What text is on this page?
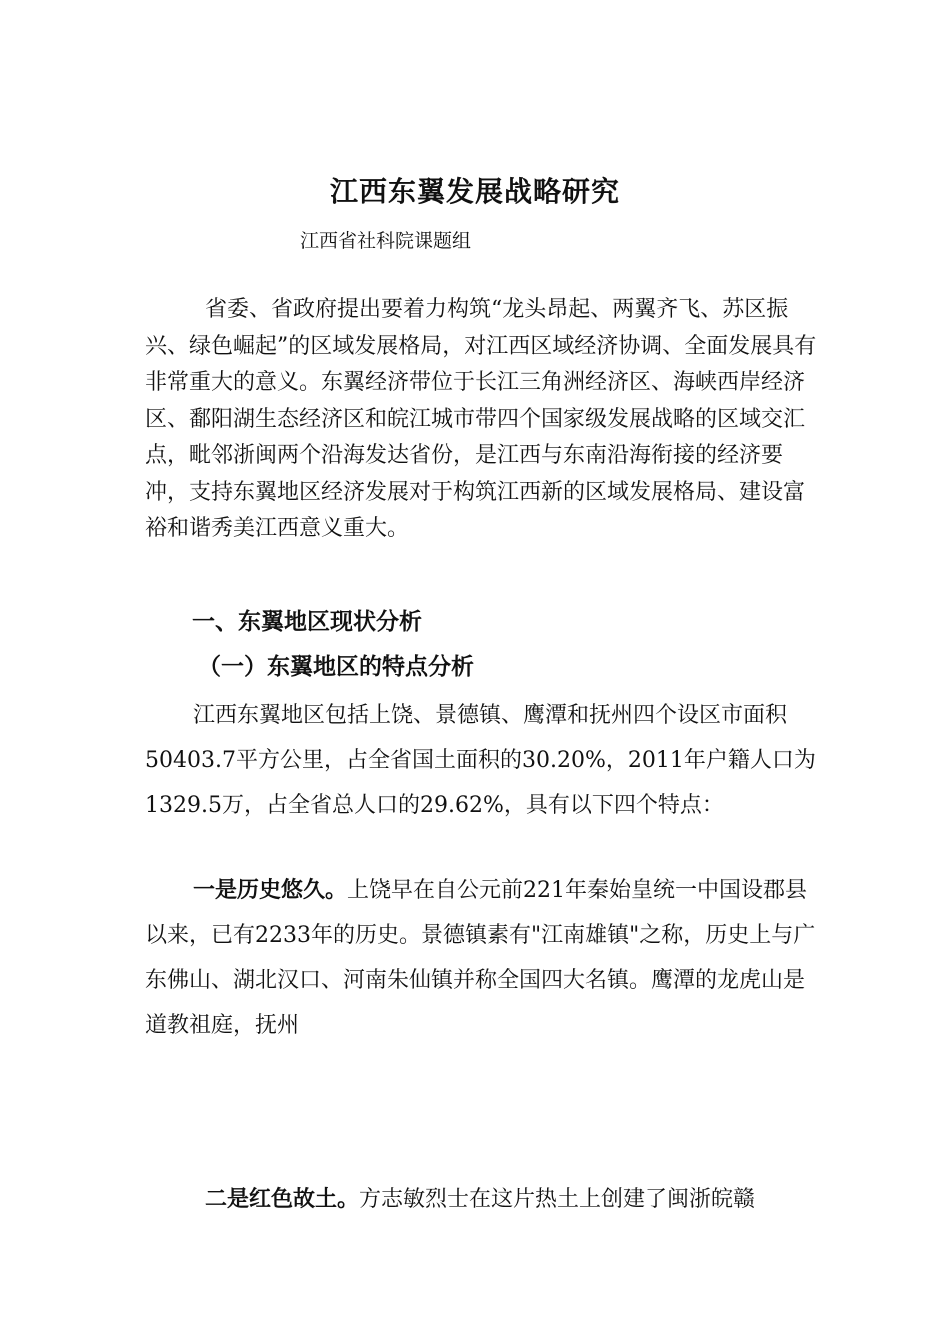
江西东翼发展战略研究
江西省社科院课题组

省委、省政府提出要着力构筑“龙头昂起、两翼齐飞、苏区振兴、绿色崛起”的区域发展格局，对江西区域经济协调、全面发展具有非常重大的意义。东翼经济带位于长江三角洲经济区、海峡西岸经济区、鄱阳湖生态经济区和皖江城市带四个国家级发展战略的区域交汇点，毗邻浙闽两个沿海发达省份，是江西与东南沿海衔接的经济要冲，支持东翼地区经济发展对于构筑江西新的区域发展格局、建设富裕和谐秀美江西意义重大。

一、东翼地区现状分析
（一）东翼地区的特点分析

江西东翼地区包括上饶、景德镇、鹰潭和抚州四个设区市面积50403.7平方公里，占全省国土面积的30.20%，2011年户籍人口为1329.5万，占全省总人口的29.62%，具有以下四个特点：

一是历史悠久。上饶早在自公元前221年秦始皇统一中国设郡县以来，已有2233年的历史。景德镇素有"江南雄镇"之称，历史上与广东佛山、湖北汉口、河南朱仙镇并称全国四大名镇。鹰潭的龙虎山是道教祖庭，抚州

二是红色故土。方志敏烈士在这片热土上创建了闽浙皖赣
